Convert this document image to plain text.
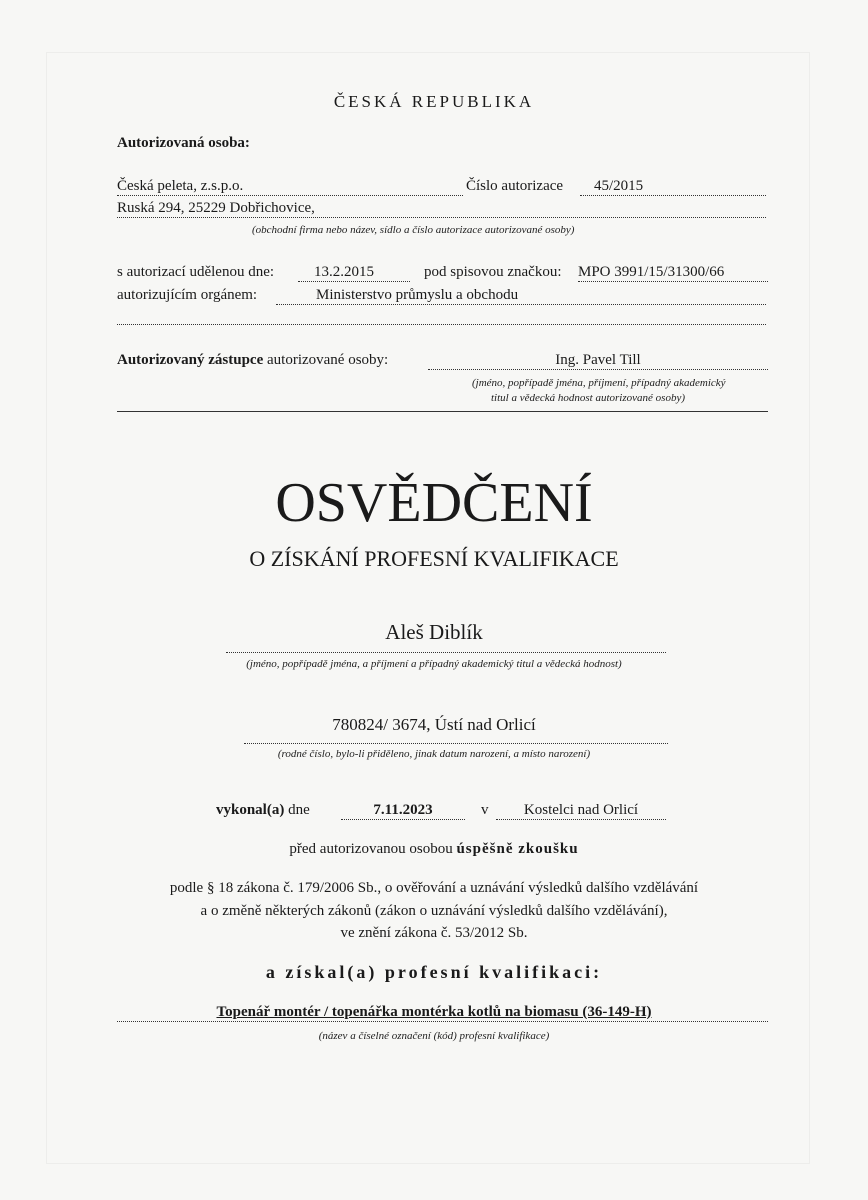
ČESKÁ REPUBLIKA
Autorizovaná osoba:
Česká peleta, z.s.p.o.	Číslo autorizace	45/2015
Ruská 294, 25229 Dobřichovice,
(obchodní firma nebo název, sídlo a číslo autorizace autorizované osoby)
s autorizací udělenou dne:	13.2.2015	pod spisovou značkou: MPO 3991/15/31300/66
autorizujícím orgánem:	Ministerstvo průmyslu a obchodu
Autorizovaný zástupce autorizované osoby:	Ing. Pavel Till
(jméno, popřípadě jména, příjmení, případný akademický
titul a vědecká hodnost autorizované osoby)
OSVĚDČENÍ
O ZÍSKÁNÍ PROFESNÍ KVALIFIKACE
Aleš Diblík
(jméno, popřípadě jména, a příjmení a případný akademický titul a vědecká hodnost)
780824/ 3674, Ústí nad Orlicí
(rodné číslo, bylo-li přiděleno, jinak datum narození, a místo narození)
vykonal(a) dne	7.11.2023	v	Kostelci nad Orlicí
před autorizovanou osobou úspěšně zkoušku
podle § 18 zákona č. 179/2006 Sb., o ověřování a uznávání výsledků dalšího vzdělávání
a o změně některých zákonů (zákon o uznávání výsledků dalšího vzdělávání),
ve znění zákona č. 53/2012 Sb.
a získal(a) profesní kvalifikaci:
Topenář montér / topenářka montérka kotlů na biomasu (36-149-H)
(název a číselné označení (kód) profesní kvalifikace)
